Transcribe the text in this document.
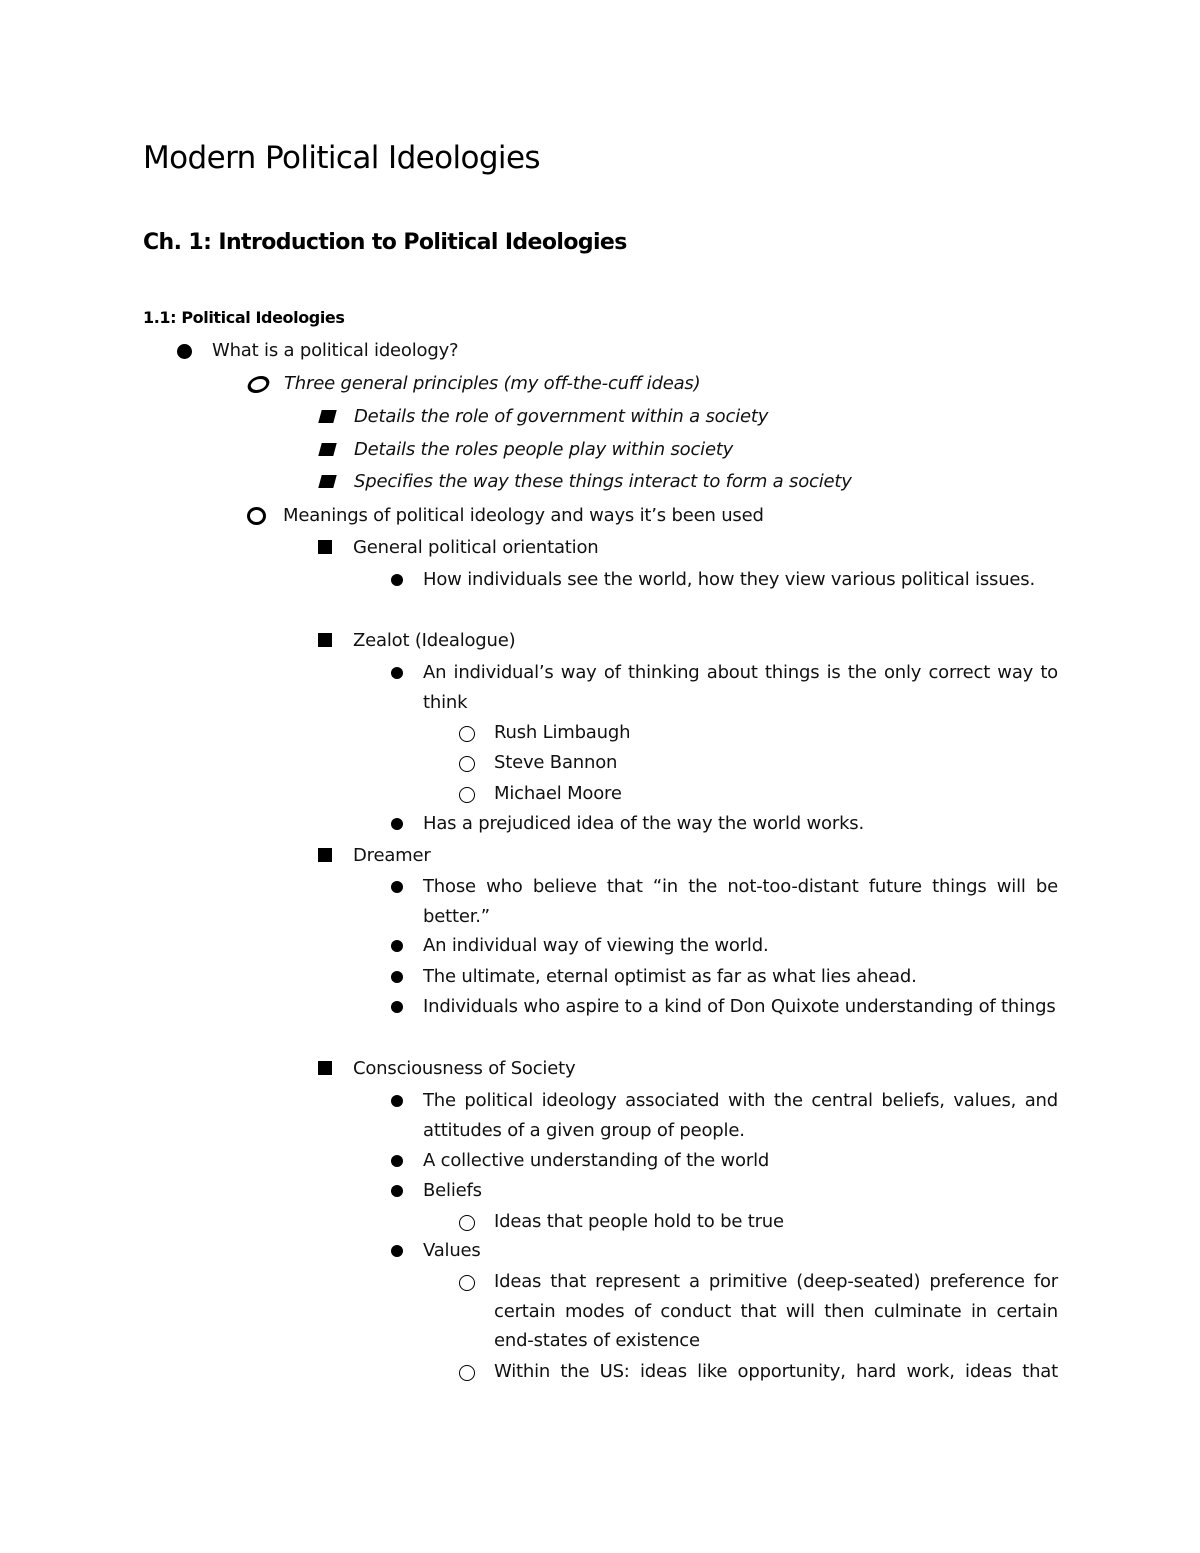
Modern Political Ideologies
Ch. 1: Introduction to Political Ideologies
1.1: Political Ideologies
What is a political ideology?
Three general principles (my off-the-cuff ideas)
Details the role of government within a society
Details the roles people play within society
Specifies the way these things interact to form a society
Meanings of political ideology and ways it’s been used
General political orientation
How individuals see the world, how they view various political issues.
Zealot (Idealogue)
An individual’s way of thinking about things is the only correct way to think
Rush Limbaugh
Steve Bannon
Michael Moore
Has a prejudiced idea of the way the world works.
Dreamer
Those who believe that “in the not-too-distant future things will be better.”
An individual way of viewing the world.
The ultimate, eternal optimist as far as what lies ahead.
Individuals who aspire to a kind of Don Quixote understanding of things
Consciousness of Society
The political ideology associated with the central beliefs, values, and attitudes of a given group of people.
A collective understanding of the world
Beliefs
Ideas that people hold to be true
Values
Ideas that represent a primitive (deep-seated) preference for certain modes of conduct that will then culminate in certain end-states of existence
Within the US: ideas like opportunity, hard work, ideas that
